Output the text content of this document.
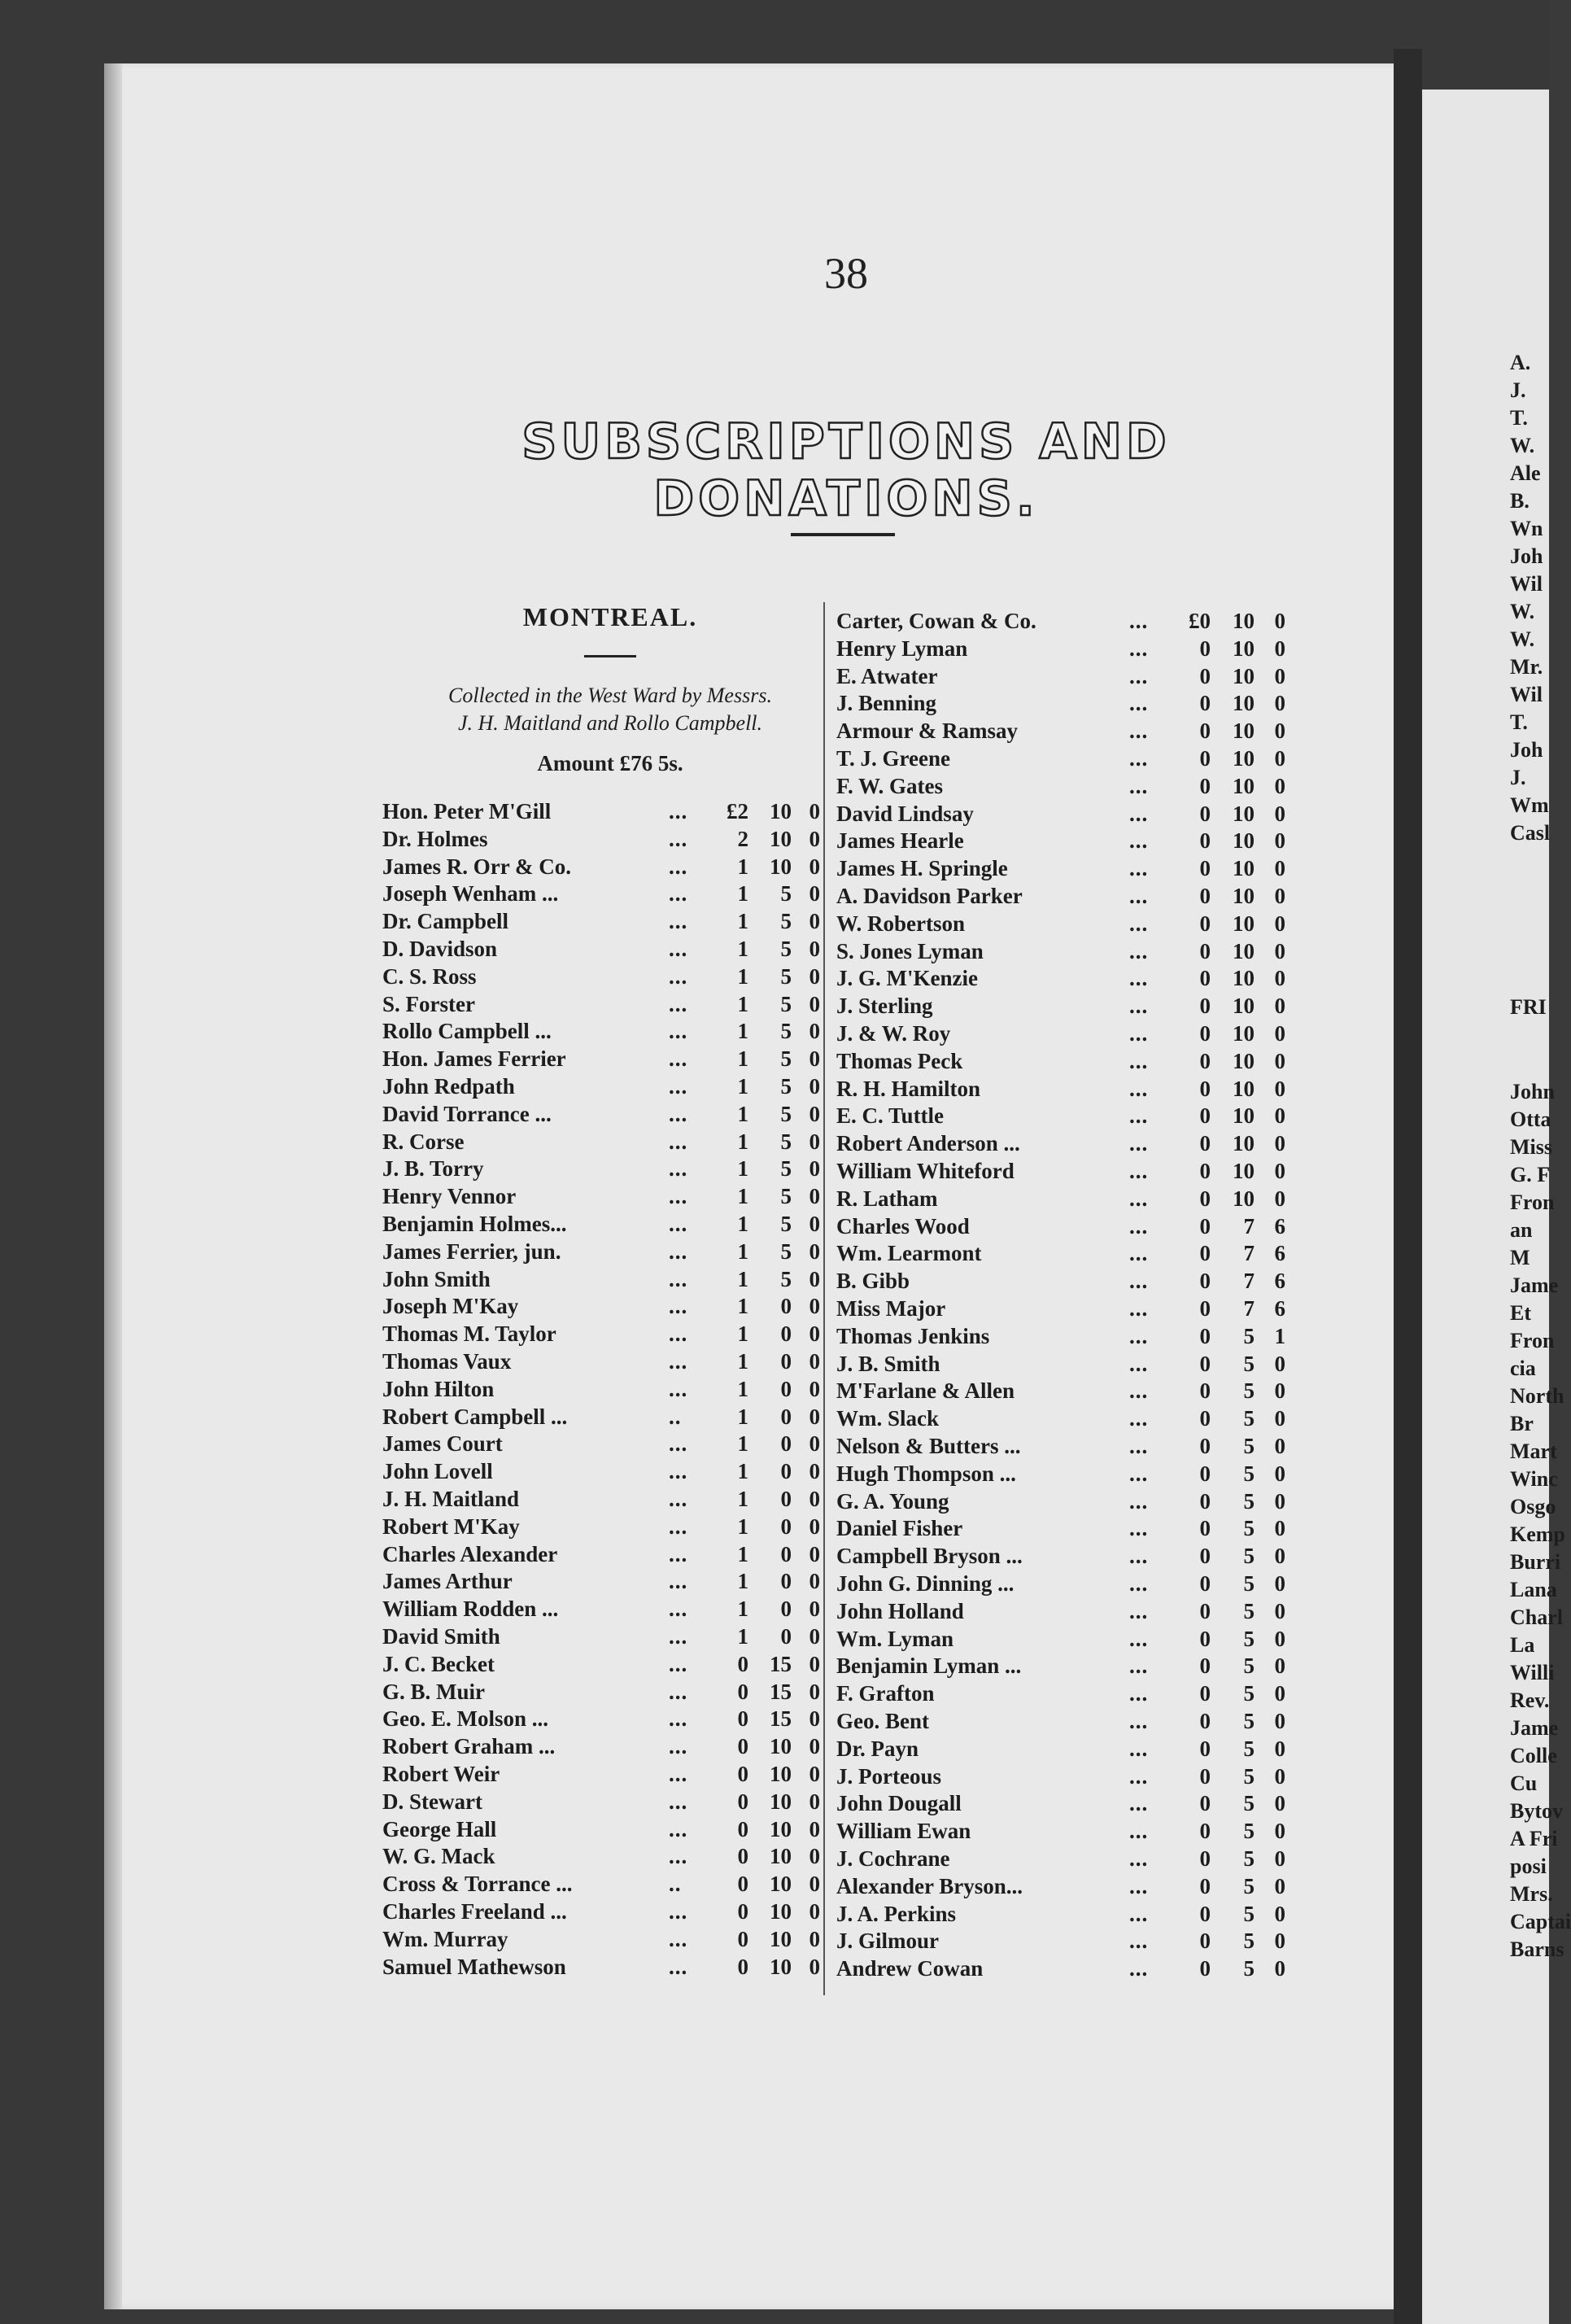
38
SUBSCRIPTIONS AND DONATIONS.
MONTREAL.
Collected in the West Ward by Messrs.
J. H. Maitland and Rollo Campbell.
Amount £76 5s.
Hon. Peter M'Gill	...	£2 10 0
Dr. Holmes	...	2 10 0
James R. Orr & Co.	...	1 10 0
Joseph Wenham ...	...	1	5 0
Dr. Campbell	...	1	5 0
D. Davidson	...	1	5 0
C. S. Ross	...	1	5 0
S. Forster	...	1	5 0
Rollo Campbell ...	...	1	5 0
Hon. James Ferrier	...	1	5 0
John Redpath	...	1	5 0
David Torrance ...	...	1	5 0
R. Corse	...	1	5 0
J. B. Torry	...	1	5 0
Henry Vennor	...	1	5 0
Benjamin Holmes...	...	1	5 0
James Ferrier, jun.	...	1	5 0
John Smith	...	1	5 0
Joseph M'Kay	...	1	0 0
Thomas M. Taylor	...	1	0 0
Thomas Vaux	...	1	0 0
John Hilton	...	1	0 0
Robert Campbell ...	..	1	0 0
James Court	...	1	0 0
John Lovell	...	1	0 0
J. H. Maitland	...	1	0 0
Robert M'Kay	...	1	0 0
Charles Alexander	...	1	0 0
James Arthur	...	1	0 0
William Rodden ...	...	1	0 0
David Smith	...	1	0 0
J. C. Becket	...	0 15 0
G. B. Muir	...	0 15 0
Geo. E. Molson ...	...	0 15 0
Robert Graham ...	...	0 10 0
Robert Weir	...	0 10 0
D. Stewart	...	0 10 0
George Hall	...	0 10 0
W. G. Mack	...	0 10 0
Cross & Torrance ...	..	0 10 0
Charles Freeland ...	...	0 10 0
Wm. Murray	...	0 10 0
Samuel Mathewson	...	0 10 0
Carter, Cowan & Co.	...	£0	10 0
Henry Lyman	...	0	10 0
E. Atwater	...	0	10 0
J. Benning	...	0	10 0
Armour & Ramsay	...	0	10 0
T. J. Greene	...	0	10 0
F. W. Gates	...	0	10 0
David Lindsay	...	0	10 0
James Hearle	...	0	10 0
James H. Springle	...	0	10 0
A. Davidson Parker	...	0	10 0
W. Robertson	...	0	10 0
S. Jones Lyman	...	0	10 0
J. G. M'Kenzie	...	0	10 0
J. Sterling	...	0	10 0
J. & W. Roy	...	0	10 0
Thomas Peck	...	0	10 0
R. H. Hamilton	...	0	10 0
E. C. Tuttle	...	0	10 0
Robert Anderson ...	...	0	10 0
William Whiteford	...	0	10 0
R. Latham	...	0	10 0
Charles Wood	...	0	7 6
Wm. Learmont	...	0	7 6
B. Gibb	...	0	7 6
Miss Major	...	0	7 6
Thomas Jenkins	...	0	5 1
J. B. Smith	...	0	5 0
M'Farlane & Allen	...	0	5 0
Wm. Slack	...	0	5 0
Nelson & Butters ...	...	0	5 0
Hugh Thompson ...	...	0	5 0
G. A. Young	...	0	5 0
Daniel Fisher	...	0	5 0
Campbell Bryson ...	...	0	5 0
John G. Dinning ...	...	0	5 0
John Holland	...	0	5 0
Wm. Lyman	...	0	5 0
Benjamin Lyman ...	...	0	5 0
F. Grafton	...	0	5 0
Geo. Bent	...	0	5 0
Dr. Payn	...	0	5 0
J. Porteous	...	0	5 0
John Dougall	...	0	5 0
William Ewan	...	0	5 0
J. Cochrane	...	0	5 0
Alexander Bryson...	...	0	5 0
J. A. Perkins	...	0	5 0
J. Gilmour	...	0	5 0
Andrew Cowan	...	0	5 0
A.
J.
T.
W.
Ale
B.
Wn
Joh
Wil
W.
W.
Mr.
Wil
T.
Joh
J.
Wm
Casl
FRI
John
Otta
Miss
G. F
Fron
an
M
Jame
Et
Fron
cia
North
Br
Mart
Winc
Osgo
Kemp
Burri
Lana
Charl
La
Willi
Rev.
Jame
Colle
Cu
Bytov
A Fri
posi
Mrs.
Captai
Barns
